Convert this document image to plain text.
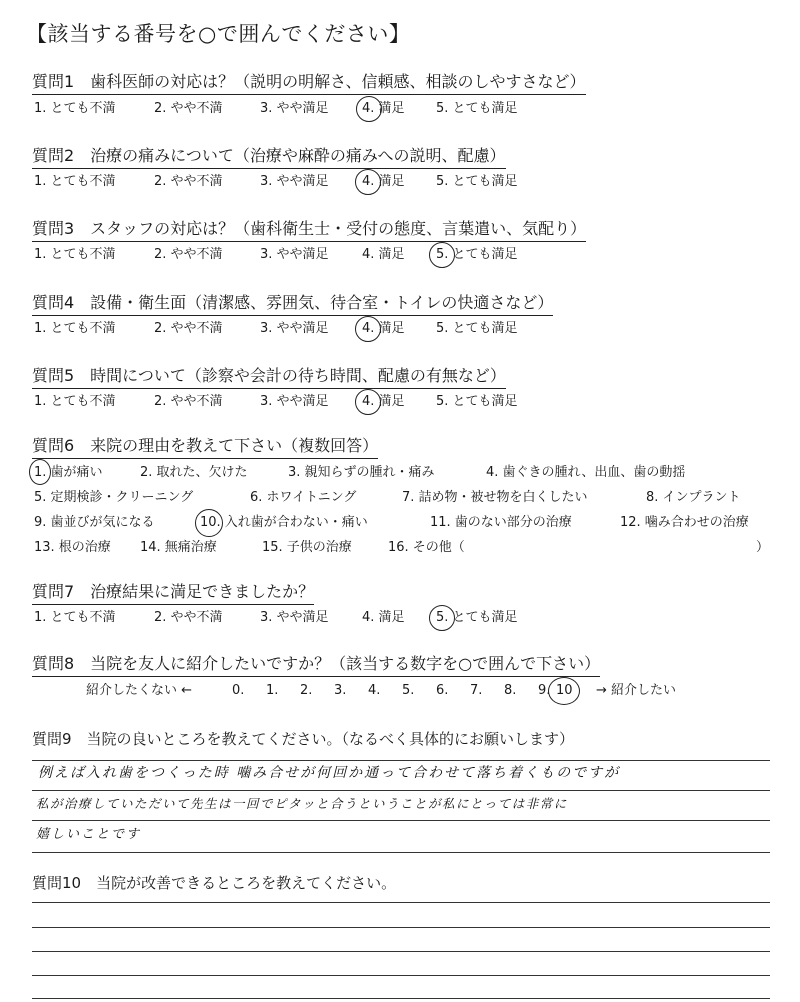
【該当する番号を○で囲んでください】
質問1　歯科医師の対応は？（説明の明解さ、信頼感、相談のしやすさなど）
1. とても不満	2. やや不満	3. やや満足	4. 満足 5. とても満足
質問2　治療の痛みについて（治療や麻酔の痛みへの説明、配慮）
1. とても不満	2. やや不満	3. やや満足	4. 満足 5. とても満足
質問3　スタッフの対応は？（歯科衛生士・受付の態度、言葉遣い、気配り）
1. とても不満	2. やや不満	3. やや満足	4. 満足 5. とても満足
質問4　設備・衛生面（清潔感、雰囲気、待合室・トイレの快適さなど）
1. とても不満	2. やや不満	3. やや満足	4. 満足 5. とても満足
質問5　時間について（診察や会計の待ち時間、配慮の有無など）
1. とても不満	2. やや不満	3. やや満足	4. 満足 5. とても満足
質問6　来院の理由を教えて下さい（複数回答）
1. 歯が痛い	2. 取れた、欠けた	3. 親知らずの腫れ・痛み	4. 歯ぐきの腫れ、出血、歯の動揺
5. 定期検診・クリーニング	6. ホワイトニング	7. 詰め物・被せ物を白くしたい	8. インプラント
9. 歯並びが気になる	10. 入れ歯が合わない・痛い	11. 歯のない部分の治療	12. 噛み合わせの治療
13. 根の治療 14. 無痛治療	15. 子供の治療	16. その他（	）
質問7　治療結果に満足できましたか？
1. とても不満	2. やや不満	3. やや満足	4. 満足 5. とても満足
質問8　当院を友人に紹介したいですか？（該当する数字を○で囲んで下さい）
紹介したくない ←	0. 1. 2. 3. 4. 5. 6. 7. 8. 9. 10 → 紹介したい
質問9　当院の良いところを教えてください。（なるべく具体的にお願いします）
例えば入れ歯をつくった時 噛み合せが何回か通って合わせて落ち着くものですが
私が治療していただいて先生は一回でピタッと合うということが私にとっては非常に
嬉しいことです
質問10　当院が改善できるところを教えてください。
